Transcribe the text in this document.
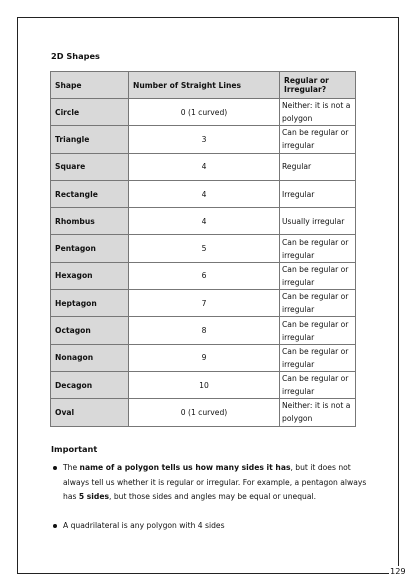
2D Shapes
Shape	Number of Straight Lines	Regular or Irregular?
Circle	0 (1 curved)	Neither: it is not a polygon
Triangle	3	Can be regular or irregular
Square	4	Regular
Rectangle	4	Irregular
Rhombus	4	Usually irregular
Pentagon	5	Can be regular or irregular
Hexagon	6	Can be regular or irregular
Heptagon	7	Can be regular or irregular
Octagon	8	Can be regular or irregular
Nonagon	9	Can be regular or irregular
Decagon	10	Can be regular or irregular
Oval	0 (1 curved)	Neither: it is not a polygon
Important
The name of a polygon tells us how many sides it has, but it does not always tell us whether it is regular or irregular. For example, a pentagon always has 5 sides, but those sides and angles may be equal or unequal.
A quadrilateral is any polygon with 4 sides
129
